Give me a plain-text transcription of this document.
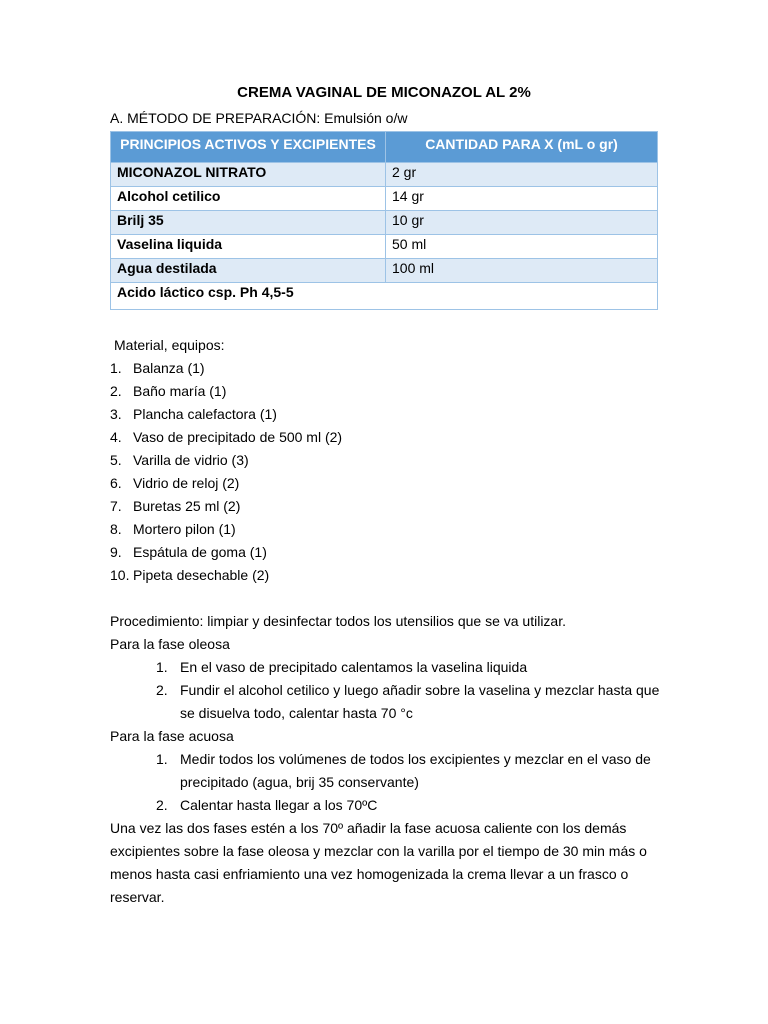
CREMA VAGINAL DE MICONAZOL AL 2%
A. MÉTODO DE PREPARACIÓN: Emulsión o/w
PRINCIPIOS ACTIVOS Y EXCIPIENTES	CANTIDAD PARA X (mL o gr)
MICONAZOL NITRATO	2 gr
Alcohol cetilico	14 gr
Brilj 35	10 gr
Vaselina liquida	50 ml
Agua destilada	100 ml
Acido láctico csp. Ph 4,5-5	
Material, equipos:
1. Balanza (1)
2. Baño maría (1)
3. Plancha calefactora (1)
4. Vaso de precipitado de 500 ml (2)
5. Varilla de vidrio (3)
6. Vidrio de reloj (2)
7. Buretas 25 ml (2)
8. Mortero pilon (1)
9. Espátula de goma (1)
10. Pipeta desechable (2)
Procedimiento: limpiar y desinfectar todos los utensilios que se va utilizar.
Para la fase oleosa
1. En el vaso de precipitado calentamos la vaselina liquida
2. Fundir el alcohol cetilico y luego añadir sobre la vaselina y mezclar hasta que se disuelva todo, calentar hasta 70 °c
Para la fase acuosa
1. Medir todos los volúmenes de todos los excipientes y mezclar en el vaso de precipitado (agua, brij 35 conservante)
2. Calentar hasta llegar a los 70ºC
Una vez las dos fases estén a los 70º añadir la fase acuosa caliente con los demás excipientes sobre la fase oleosa y mezclar con la varilla por el tiempo de 30 min más o menos hasta casi enfriamiento una vez homogenizada la crema llevar a un frasco o reservar.
